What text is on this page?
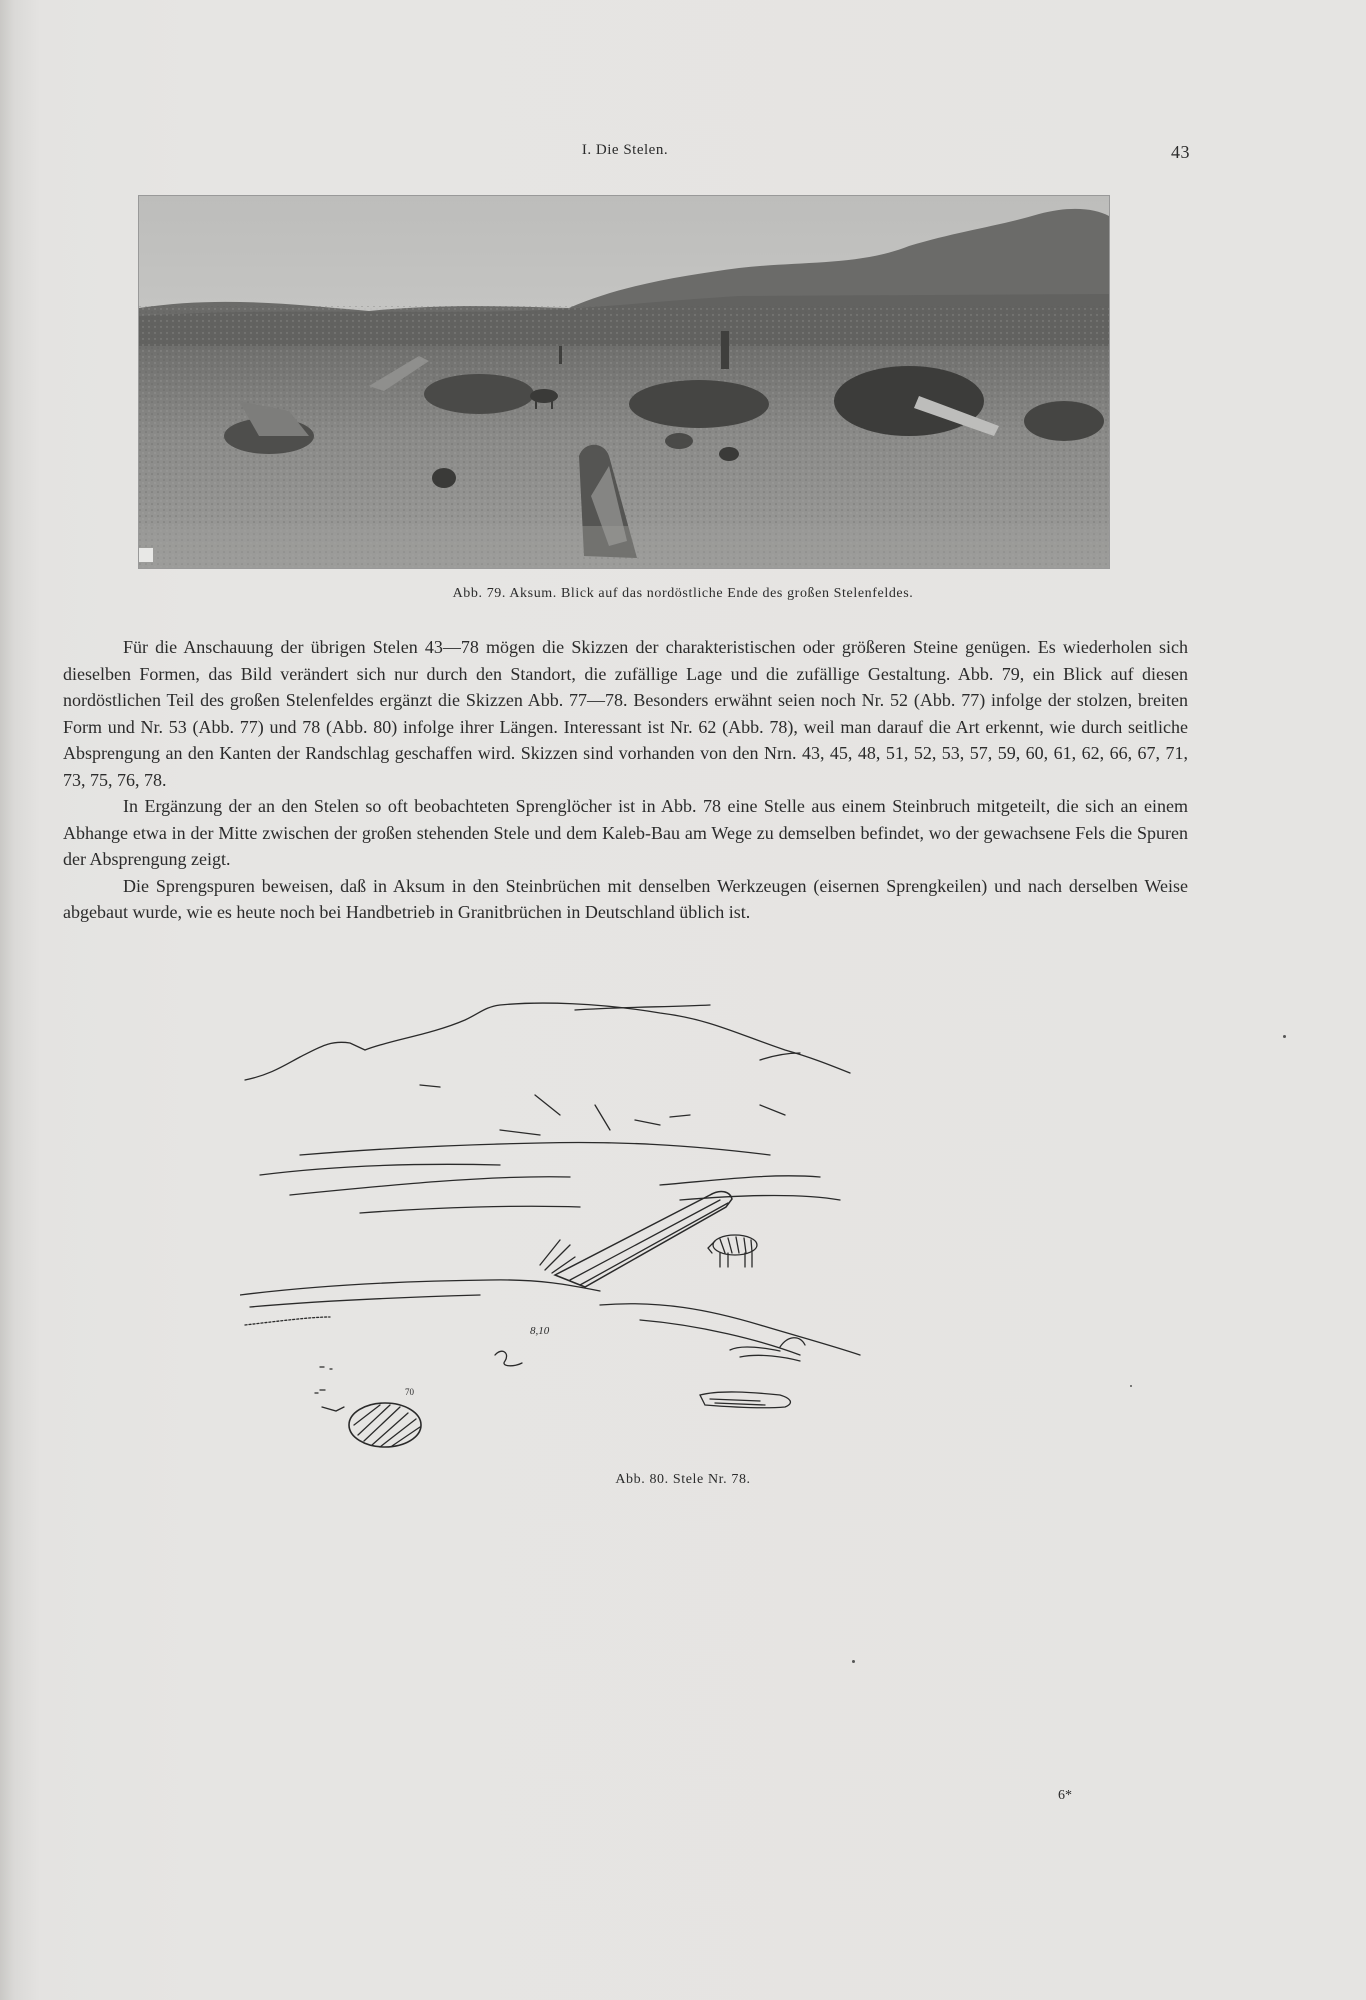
I. Die Stelen.	43
Abb. 79. Aksum. Blick auf das nordöstliche Ende des großen Stelenfeldes.

Für die Anschauung der übrigen Stelen 43—78 mögen die Skizzen der charakteristischen oder größeren Steine genügen. Es wiederholen sich dieselben Formen, das Bild verändert sich nur durch den Standort, die zufällige Lage und die zufällige Gestaltung. Abb. 79, ein Blick auf diesen nordöstlichen Teil des großen Stelenfeldes ergänzt die Skizzen Abb. 77—78. Besonders erwähnt seien noch Nr. 52 (Abb. 77) infolge der stolzen, breiten Form und Nr. 53 (Abb. 77) und 78 (Abb. 80) infolge ihrer Längen. Interessant ist Nr. 62 (Abb. 78), weil man darauf die Art erkennt, wie durch seitliche Absprengung an den Kanten der Randschlag geschaffen wird. Skizzen sind vorhanden von den Nrn. 43, 45, 48, 51, 52, 53, 57, 59, 60, 61, 62, 66, 67, 71, 73, 75, 76, 78.

In Ergänzung der an den Stelen so oft beobachteten Sprenglöcher ist in Abb. 78 eine Stelle aus einem Steinbruch mitgeteilt, die sich an einem Abhange etwa in der Mitte zwischen der großen stehenden Stele und dem Kaleb-Bau am Wege zu demselben befindet, wo der gewachsene Fels die Spuren der Absprengung zeigt.

Die Sprengspuren beweisen, daß in Aksum in den Steinbrüchen mit denselben Werkzeugen (eisernen Sprengkeilen) und nach derselben Weise abgebaut wurde, wie es heute noch bei Handbetrieb in Granitbrüchen in Deutschland üblich ist.

8,10
70
Abb. 80. Stele Nr. 78.
6*
